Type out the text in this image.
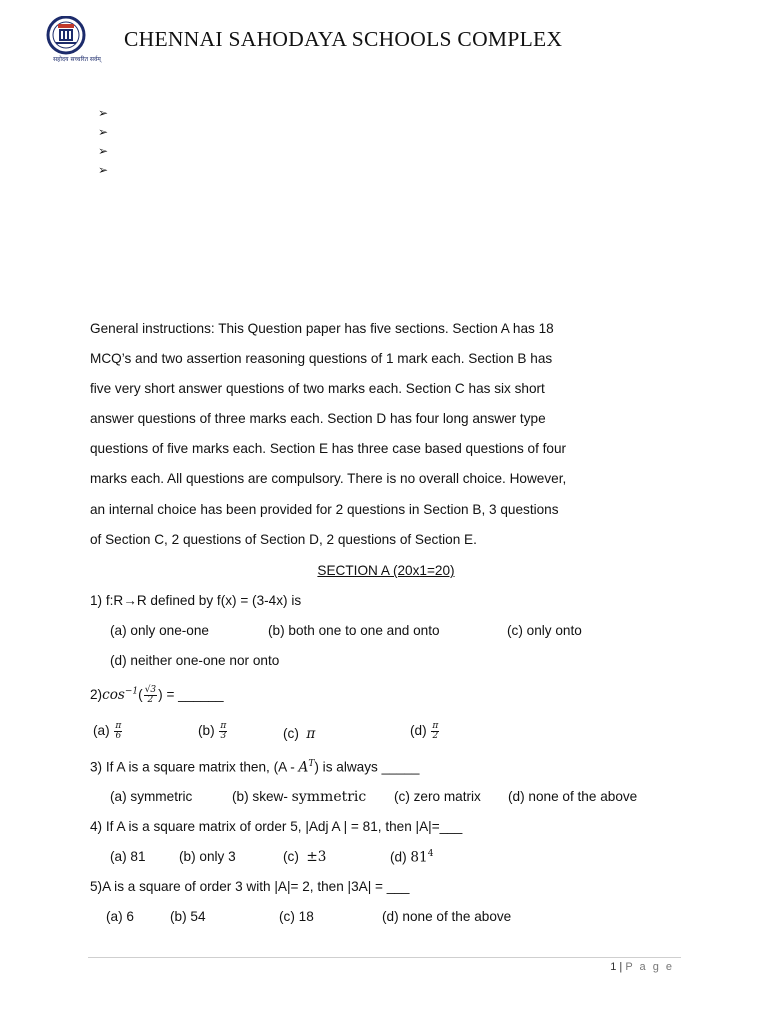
सहोदय सच्चरित सर्वम्
CHENNAI SAHODAYA SCHOOLS COMPLEX
➢
➢
➢
➢
General instructions: This Question paper has five sections. Section A has 18
MCQ’s and two assertion reasoning questions of 1 mark each. Section B has
five very short answer questions of two marks each. Section C has six short
answer questions of three marks each. Section D has four long answer type
questions of five marks each. Section E has three case based questions of four
marks each. All questions are compulsory. There is no overall choice. However,
an internal choice has been provided for 2 questions in Section B, 3 questions
of Section C, 2 questions of Section D, 2 questions of Section E.
SECTION A (20x1=20)
1) f:R→R defined by f(x) = (3-4x) is
(a) only one-one	(b) both one to one and onto	(c) only onto
(d) neither one-one nor onto
$2)\cos^{-1}( \frac{√3}{2}$ ) = ______
$(a) \frac{\pi}{6}$	$(b) \frac{\pi}{3}$	(c) π	$(d) \frac{\pi}{2}$
3) If A is a square matrix then, $(A - A^T)$ is always _____
(a) symmetric	(b) skew- symmetric (c) zero matrix (d) none of the above
4) If A is a square matrix of order 5, |Adj A | = 81, then |A|=___
(a) 81 (b) only 3	(c) ±3	(d) $81^4$
5)A is a square of order 3 with |A|= 2, then |3A| = ___
(a) 6	(b) 54	(c) 18	(d) none of the above
1 | P a g e
